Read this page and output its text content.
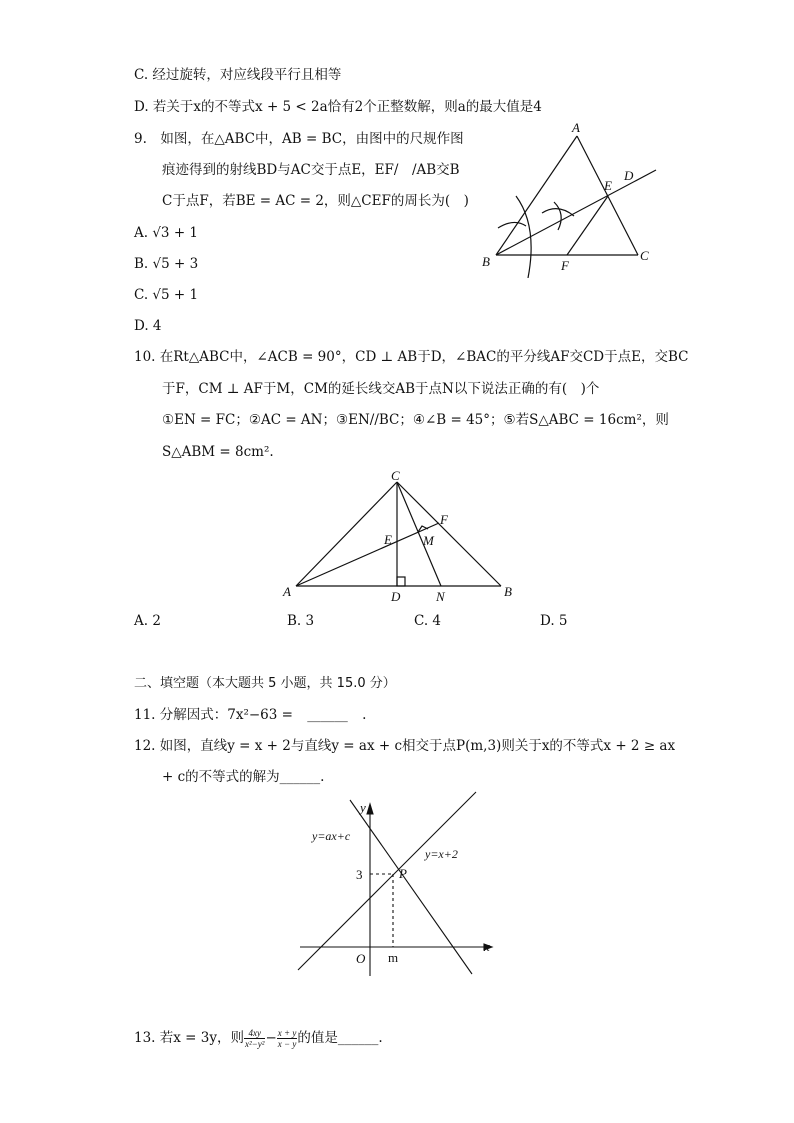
C. 经过旋转，对应线段平行且相等
D. 若关于x的不等式x + 5 < 2a恰有2个正整数解，则a的最大值是4
9.　如图，在△ABC中，AB = BC，由图中的尺规作图
痕迹得到的射线BD与AC交于点E，EF/　/AB交B
C于点F，若BE = AC = 2，则△CEF的周长为(　)
A. √3 + 1
B. √5 + 3
C. √5 + 1
D. 4
A
B	C
D
E
F
10. 在Rt△ABC中，∠ACB = 90°，CD ⊥ AB于D，∠BAC的平分线AF交CD于点E，交BC
于F，CM ⊥ AF于M，CM的延长线交AB于点N以下说法正确的有(　)个
①EN = FC；②AC = AN；③EN//BC；④∠B = 45°；⑤若S△ABC = 16cm²，则
S△ABM = 8cm².
C
A	B
D
E
F
M
N
A. 2	B. 3	C. 4	D. 5
二、填空题（本大题共 5 小题，共 15.0 分）
11. 分解因式：7x²−63 = ______ .
12. 如图，直线y = x + 2与直线y = ax + c相交于点P(m,3)则关于x的不等式x + 2 ≥ ax
+ c的不等式的解为______.
y
x
O m
3	P
y=ax+c
y=x+2
13. 若x = 3y，则 $\frac{4xy}{\text{x²−y²}} - \frac{x + y}{x - y}$ 的值是______.
